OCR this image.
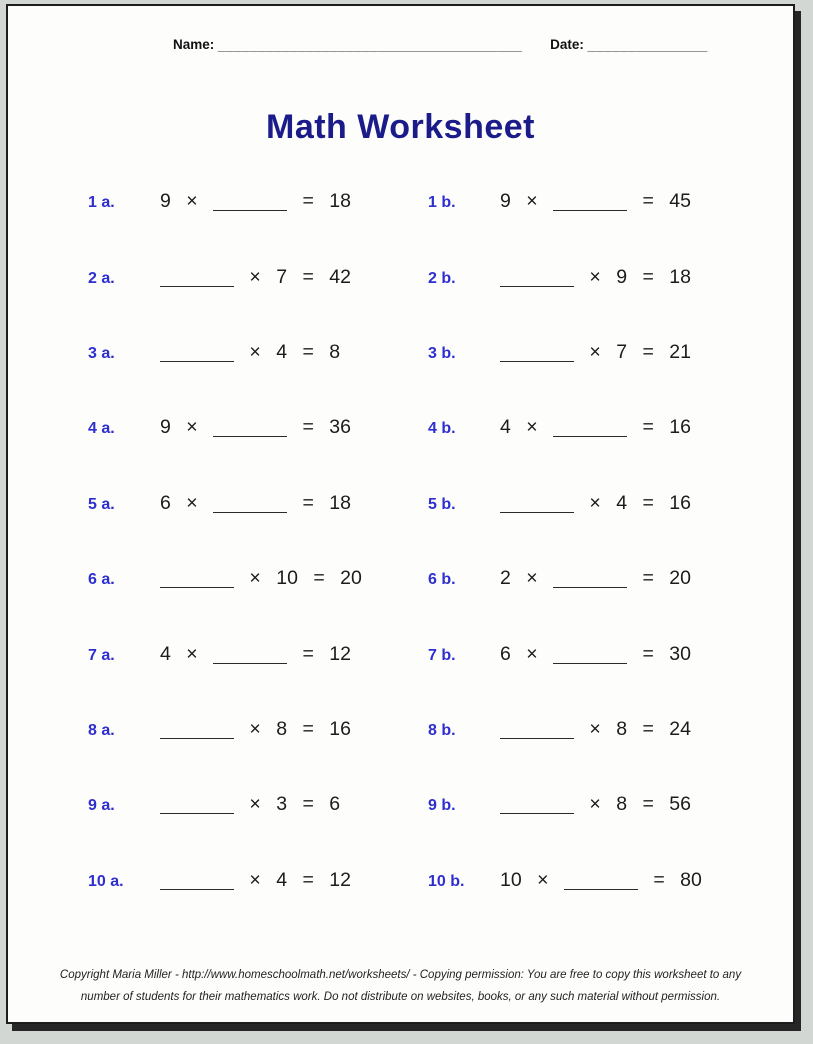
Name: ______________________________________ Date: _______________
Math Worksheet
1 a.	9 ×	= 18	1 b.	9 ×	= 45
2 a.	× 7 = 42	2 b.	× 9 = 18
3 a.	× 4 = 8	3 b.	× 7 = 21
4 a.	9 ×	= 36	4 b.	4 ×	= 16
5 a.	6 ×	= 18	5 b.	× 4 = 16
6 a.	× 10 = 20	6 b.	2 ×	= 20
7 a.	4 ×	= 12	7 b.	6 ×	= 30
8 a.	× 8 = 16	8 b.	× 8 = 24
9 a.	× 3 = 6	9 b.	× 8 = 56
10 a.	× 4 = 12	10 b.	10 ×	= 80
Copyright Maria Miller - http://www.homeschoolmath.net/worksheets/ - Copying permission: You are free to copy this worksheet to any
number of students for their mathematics work. Do not distribute on websites, books, or any such material without permission.
